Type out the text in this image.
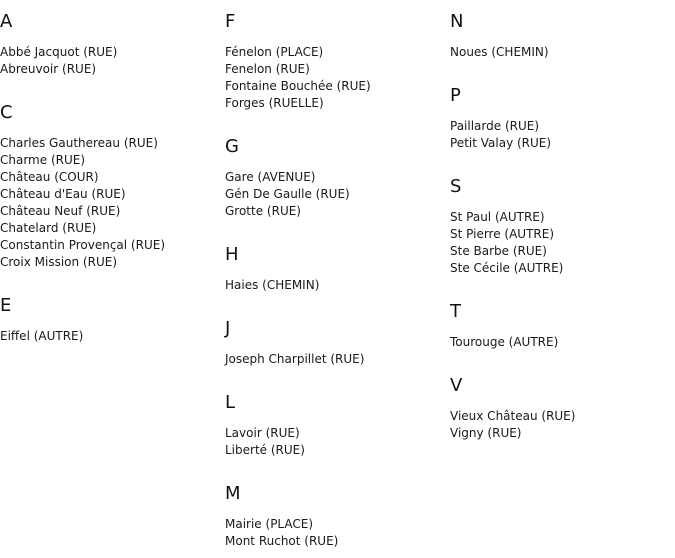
A
Abbé Jacquot (RUE)
Abreuvoir (RUE)
C
Charles Gauthereau (RUE)
Charme (RUE)
Château (COUR)
Château d'Eau (RUE)
Château Neuf (RUE)
Chatelard (RUE)
Constantin Provençal (RUE)
Croix Mission (RUE)
E
Eiffel (AUTRE)
F
Fénelon (PLACE)
Fenelon (RUE)
Fontaine Bouchée (RUE)
Forges (RUELLE)
G
Gare (AVENUE)
Gén De Gaulle (RUE)
Grotte (RUE)
H
Haies (CHEMIN)
J
Joseph Charpillet (RUE)
L
Lavoir (RUE)
Liberté (RUE)
M
Mairie (PLACE)
Mont Ruchot (RUE)
N
Noues (CHEMIN)
P
Paillarde (RUE)
Petit Valay (RUE)
S
St Paul (AUTRE)
St Pierre (AUTRE)
Ste Barbe (RUE)
Ste Cécile (AUTRE)
T
Tourouge (AUTRE)
V
Vieux Château (RUE)
Vigny (RUE)
